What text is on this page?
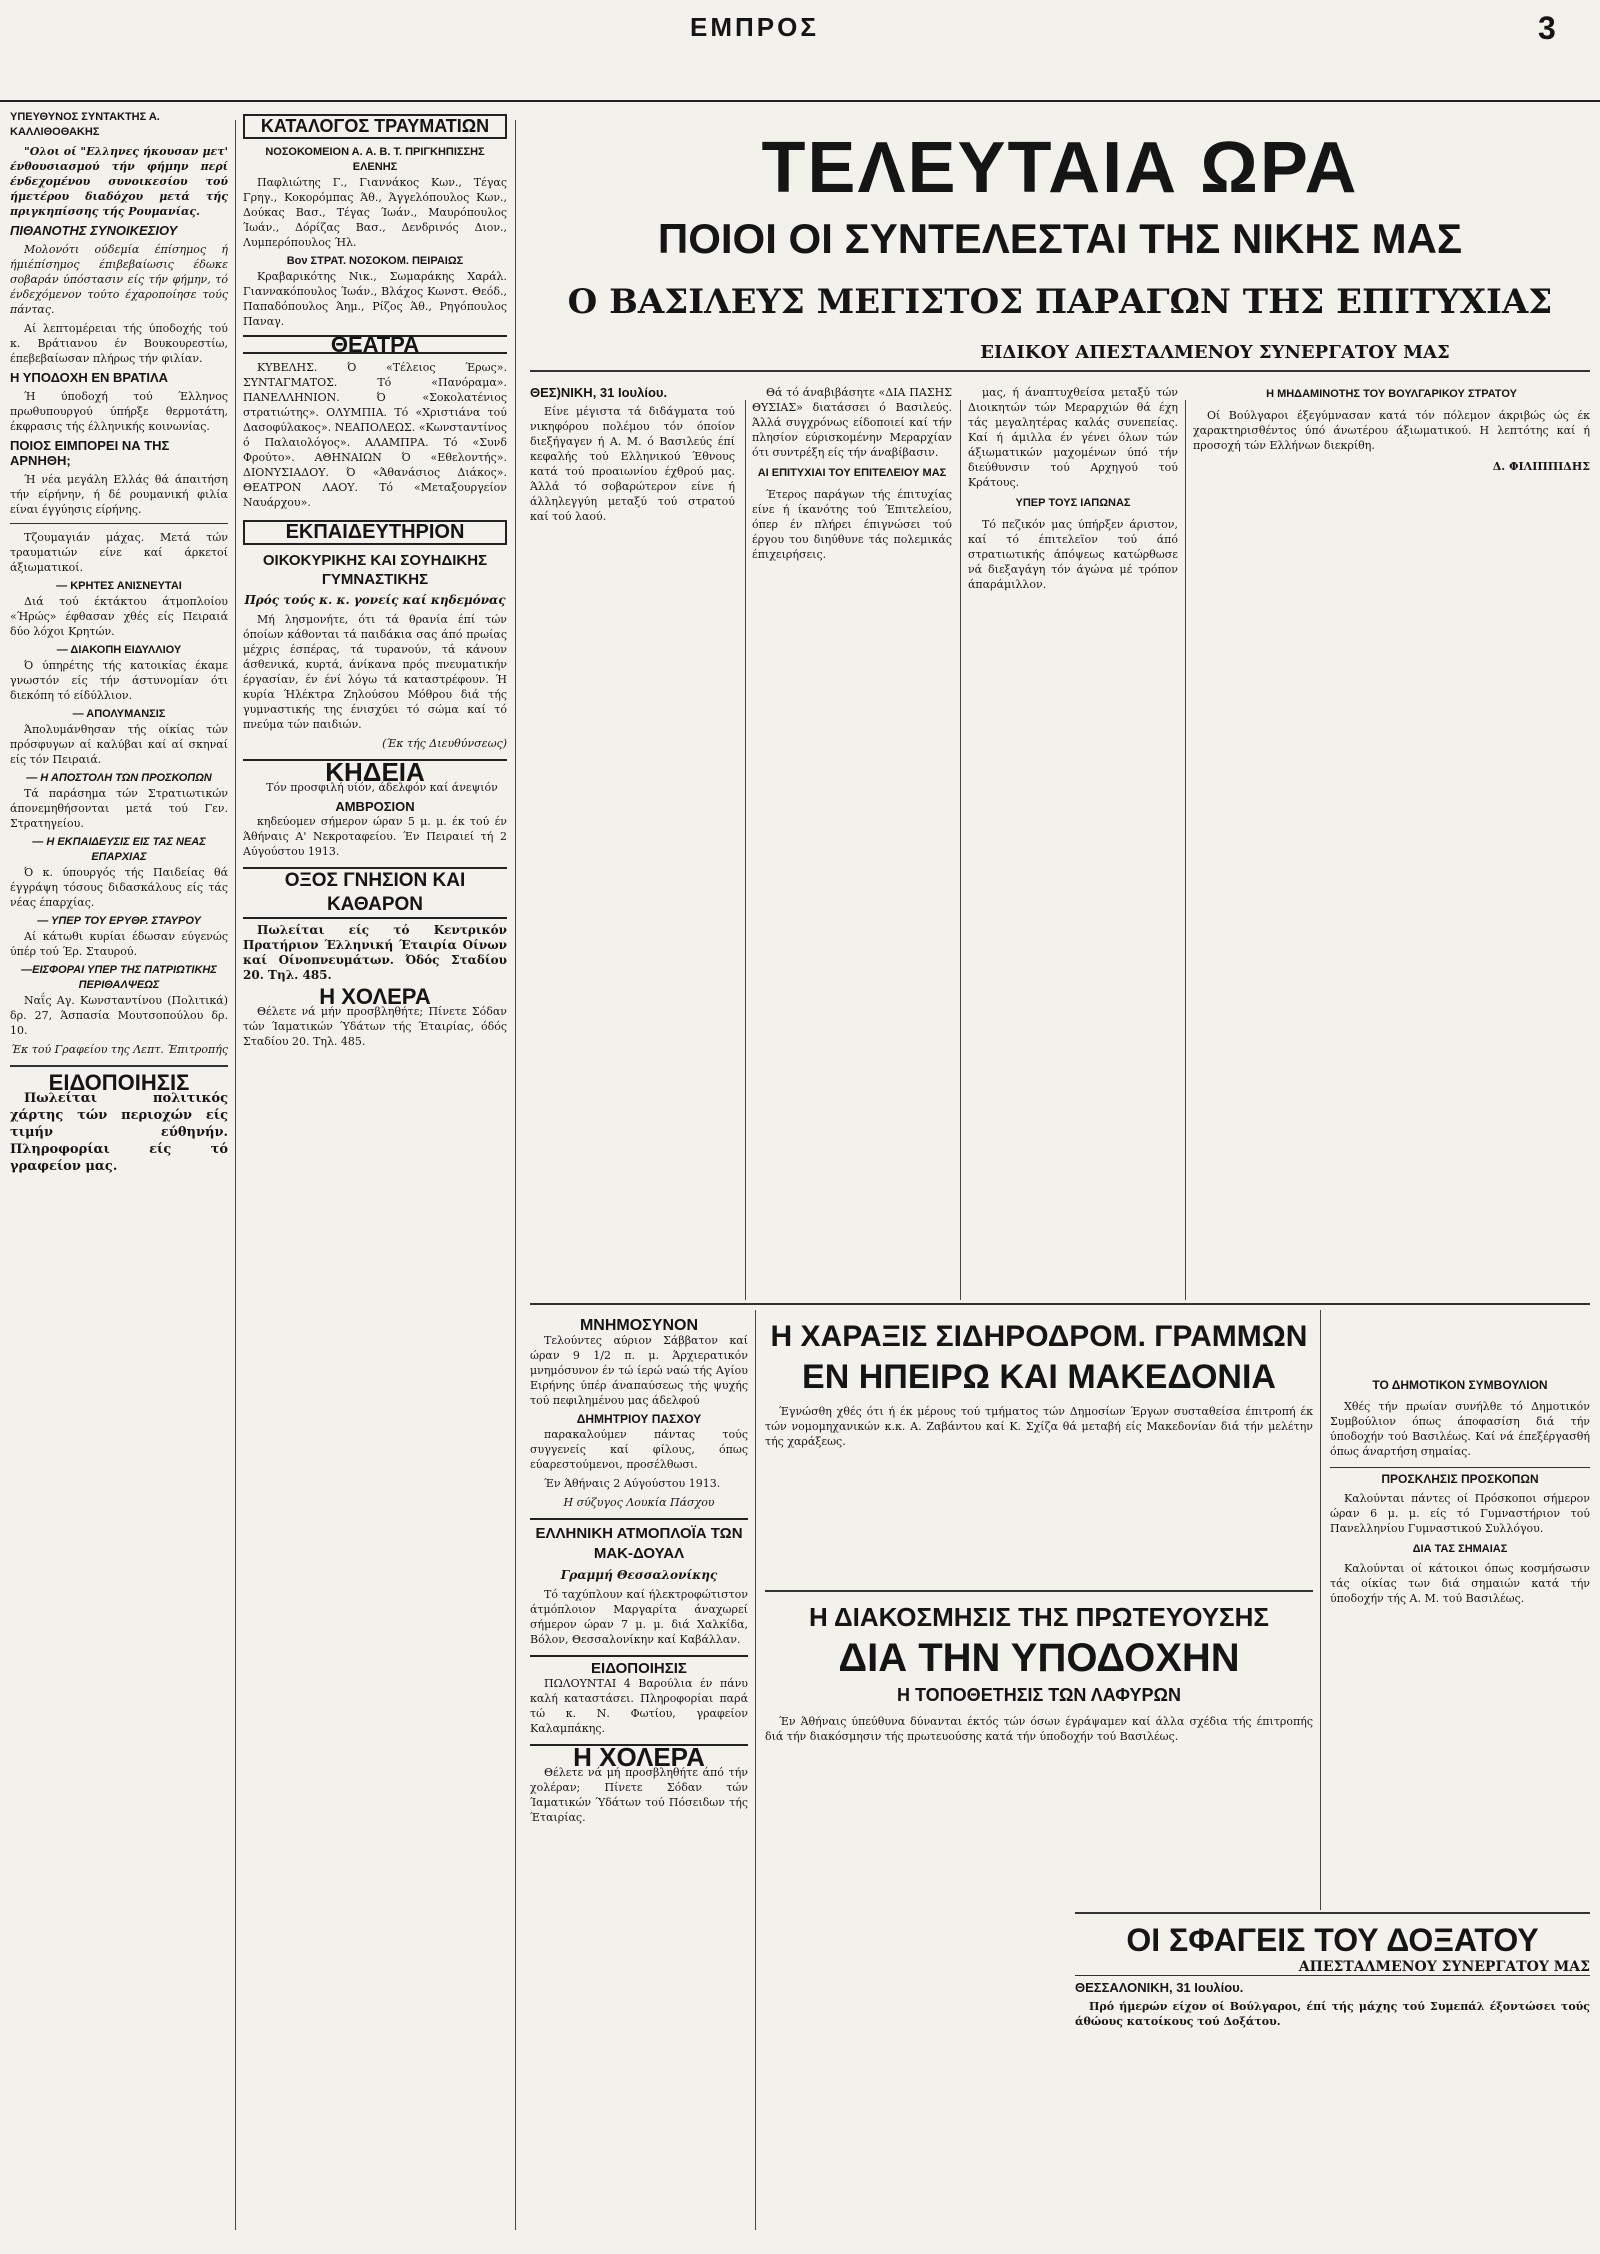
ΕΜΠΡΟΣ	3
ΥΠΕΥΘΥΝΟΣ ΣΥΝΤΑΚΤΗΣ Α. ΚΑΛΛΙΘΟΘΑΚΗΣ
"Ολοι οί "Ελληνες ήκουσαν μετ' ένθουσιασμού τήν φήμην περί ένδεχομένου συνοικεσίου τού ήμετέρου διαδόχου μετά τής πριγκηπίσσης τής Ρουμανίας.
ΠΙΘΑΝΟΤΗΣ ΣΥΝΟΙΚΕΣΙΟΥ
Μολονότι ούδεμία έπίσημος ή ήμιέπίσημος έπιβεβαίωσις έδωκε σοβαράν ύπόστασιν είς τήν φήμην, τό ένδεχόμενον τούτο έχαροποίησε τούς πάντας.
Αί λεπτομέρειαι τής ύποδοχής τού κ. Βράτιανου έν Βουκουρεστίω, έπεβεβαίωσαν πλήρως τήν φιλίαν.
Η ΥΠΟΔΟΧΗ ΕΝ ΒΡΑΤΙΛΑ
Ή ύποδοχή τού Έλληνος πρωθυπουργού ύπήρξε θερμοτάτη, έκφρασις τής έλληνικής κοινωνίας.
ΠΟΙΟΣ ΕΙΜΠΟΡΕΙ ΝΑ ΤΗΣ ΑΡΝΗΘΗ;
Ή νέα μεγάλη Ελλάς θά άπαιτήση τήν είρήνην, ή δέ ρουμανική φιλία είναι έγγύησις είρήνης.
Τζουμαγιάν μάχας. Μετά τών τραυματιών είνε καί άρκετοί άξιωματικοί.
— ΚΡΗΤΕΣ ΑΝΙΣΝΕΥΤΑΙ
Διά τού έκτάκτου άτμοπλοίου «Ήρώς» έφθασαν χθές είς Πειραιά δύο λόχοι Κρητών.
— ΔΙΑΚΟΠΗ ΕΙΔΥΛΛΙΟΥ
Ό ύπηρέτης τής κατοικίας έκαμε γνωστόν είς τήν άστυνομίαν ότι διεκόπη τό είδύλλιον.
— ΑΠΟΛΥΜΑΝΣΙΣ
Άπολυμάνθησαν τής οίκίας τών πρόσφυγων αί καλύβαι καί αί σκηναί είς τόν Πειραιά.
— Η ΑΠΟΣΤΟΛΗ ΤΩΝ ΠΡΟΣΚΟΠΩΝ
Τά παράσημα τών Στρατιωτικών άπονεμηθήσονται μετά τού Γεν. Στρατηγείου.
— Η ΕΚΠΑΙΔΕΥΣΙΣ ΕΙΣ ΤΑΣ ΝΕΑΣ ΕΠΑΡΧΙΑΣ
Ό κ. ύπουργός τής Παιδείας θά έγγράψη τόσους διδασκάλους είς τάς νέας έπαρχίας.
— ΥΠΕΡ ΤΟΥ ΕΡΥΘΡ. ΣΤΑΥΡΟΥ
Αί κάτωθι κυρίαι έδωσαν εύγενώς ύπέρ τού Έρ. Σταυρού.
—ΕΙΣΦΟΡΑΙ ΥΠΕΡ ΤΗΣ ΠΑΤΡΙΩΤΙΚΗΣ ΠΕΡΙΘΑΛΨΕΩΣ
Ναΐς Αγ. Κωνσταντίνου (Πολιτικά) δρ. 27, Άσπασία Μουτσοπούλου δρ. 10.
Έκ τού Γραφείου της Λεπτ. Έπιτροπής
ΕΙΔΟΠΟΙΗΣΙΣ
Πωλείται πολιτικός χάρτης τών περιοχών είς τιμήν εύθηνήν. Πληροφορίαι είς τό γραφείον μας.
ΚΑΤΑΛΟΓΟΣ ΤΡΑΥΜΑΤΙΩΝ
ΝΟΣΟΚΟΜΕΙΟΝ Α. Α. Β. Τ. ΠΡΙΓΚΗΠΙΣΣΗΣ ΕΛΕΝΗΣ
Παφλιώτης Γ., Γιαννάκος Κων., Τέγας Γρηγ., Κοκορόμπας Άθ., Άγγελόπουλος Κων., Δούκας Βασ., Τέγας Ίωάν., Μαυρόπουλος Ίωάν., Δόρίζας Βασ., Δενδρινός Διον., Λυμπερόπουλος Ήλ.
Βον ΣΤΡΑΤ. ΝΟΣΟΚΟΜ. ΠΕΙΡΑΙΩΣ
Κραβαρικότης Νικ., Σωμαράκης Χαράλ. Γιαννακόπουλος Ίωάν., Βλάχος Κωνστ. Θεόδ., Παπαδόπουλος Άημ., Ρίζος Άθ., Ρηγόπουλος Παναγ.
ΘΕΑΤΡΑ
ΚΥΒΕΛΗΣ. Ό «Τέλειος Έρως». ΣΥΝΤΑΓΜΑΤΟΣ. Τό «Πανόραμα». ΠΑΝΕΛΛΗΝΙΟΝ. Ό «Σοκολατένιος στρατιώτης». ΟΛΥΜΠΙΑ. Τό «Χριστιάνα τού Δασοφύλακος». ΝΕΑΠΟΛΕΩΣ. «Κωνσταντίνος ό Παλαιολόγος». ΑΛΑΜΠΡΑ. Τό «Συνδ Φρούτο». ΑΘΗΝΑΙΩΝ Ό «Εθελοντής». ΔΙΟΝΥΣΙΑΔΟΥ. Ό «Άθανάσιος Διάκος». ΘΕΑΤΡΟΝ ΛΑΟΥ. Τό «Μεταξουργείον Ναυάρχου».
ΕΚΠΑΙΔΕΥΤΗΡΙΟΝ
ΟΙΚΟΚΥΡΙΚΗΣ ΚΑΙ ΣΟΥΗΔΙΚΗΣ ΓΥΜΝΑΣΤΙΚΗΣ
Πρός τούς κ. κ. γονείς καί κηδεμόνας
Μή λησμονήτε, ότι τά θρανία έπί τών όποίων κάθονται τά παιδάκια σας άπό πρωίας μέχρις έσπέρας, τά τυρανούν, τά κάνουν άσθενικά, κυρτά, άνίκανα πρός πνευματικήν έργασίαν, έν ένί λόγω τά καταστρέφουν. Ή κυρία Ήλέκτρα Ζηλούσου Μόθρου διά τής γυμναστικής της ένισχύει τό σώμα καί τό πνεύμα τών παιδιών.
(Έκ τής Διευθύνσεως)
ΚΗΔΕΙΑ
Τόν προσφιλή υίόν, άδελφόν καί άνεψιόν
ΑΜΒΡΟΣΙΟΝ
κηδεύομεν σήμερον ώραν 5 μ. μ. έκ τού έν Άθήναις Α' Νεκροταφείου. Έν Πειραιεί τή 2 Αύγούστου 1913.
ΟΞΟΣ ΓΝΗΣΙΟΝ ΚΑΙ ΚΑΘΑΡΟΝ
Πωλείται είς τό Κεντρικόν Πρατήριον Έλληνική Έταιρία Οίνων καί Οίνοπνευμάτων. Όδός Σταδίου 20. Τηλ. 485.
Η ΧΟΛΕΡΑ
Θέλετε νά μήν προσβληθήτε; Πίνετε Σόδαν τών Ίαματικών Ύδάτων τής Έταιρίας, όδός Σταδίου 20. Τηλ. 485.
ΤΕΛΕΥΤΑΙΑ ΩΡΑ
ΠΟΙΟΙ ΟΙ ΣΥΝΤΕΛΕΣΤΑΙ ΤΗΣ ΝΙΚΗΣ ΜΑΣ
Ο ΒΑΣΙΛΕΥΣ ΜΕΓΙΣΤΟΣ ΠΑΡΑΓΩΝ ΤΗΣ ΕΠΙΤΥΧΙΑΣ
ΕΙΔΙΚΟΥ ΑΠΕΣΤΑΛΜΕΝΟΥ ΣΥΝΕΡΓΑΤΟΥ ΜΑΣ
ΘΕΣ)ΝΙΚΗ, 31 Ιουλίου.
Είνε μέγιστα τά διδάγματα τού νικηφόρου πολέμου τόν όποίον διεξήγαγεν ή Α. Μ. ό Βασιλεύς έπί κεφαλής τού Ελληνικού Έθνους κατά τού προαιωνίου έχθρού μας. Άλλά τό σοβαρώτερον είνε ή άλληλεγγύη μεταξύ τού στρατού καί τού λαού.
Θά τό άναβιβάσητε «ΔΙΑ ΠΑΣΗΣ ΘΥΣΙΑΣ» διατάσσει ό Βασιλεύς. Άλλά συγχρόνως είδοποιεί καί τήν πλησίον εύρισκομένην Μεραρχίαν ότι συντρέξη είς τήν άναβίβασιν.
ΑΙ ΕΠΙΤΥΧΙΑΙ ΤΟΥ ΕΠΙΤΕΛΕΙΟΥ ΜΑΣ
Έτερος παράγων τής έπιτυχίας είνε ή ίκανότης τού Έπιτελείου, όπερ έν πλήρει έπιγνώσει τού έργου του διηύθυνε τάς πολεμικάς έπιχειρήσεις.
μας, ή άναπτυχθείσα μεταξύ τών Διοικητών τών Μεραρχιών θά έχη τάς μεγαλητέρας καλάς συνεπείας. Καί ή άμιλλα έν γένει όλων τών άξιωματικών μαχομένων ύπό τήν διεύθυνσιν τού Αρχηγού τού Κράτους.
ΥΠΕΡ ΤΟΥΣ ΙΑΠΩΝΑΣ
Τό πεζικόν μας ύπήρξεν άριστον, καί τό έπιτελεϊον τού άπό στρατιωτικής άπόψεως κατώρθωσε νά διεξαγάγη τόν άγώνα μέ τρόπον άπαράμιλλον.
Η ΜΗΔΑΜΙΝΟΤΗΣ ΤΟΥ ΒΟΥΛΓΑΡΙΚΟΥ ΣΤΡΑΤΟΥ
Οί Βούλγαροι έξεγύμνασαν κατά τόν πόλεμον άκριβώς ώς έκ χαρακτηρισθέντος ύπό άνωτέρου άξιωματικού. Η λεπτότης καί ή προσοχή τών Ελλήνων διεκρίθη.
Δ. ΦΙΛΙΠΠΙΔΗΣ
ΜΝΗΜΟΣΥΝΟΝ
Τελούντες αύριον Σάββατον καί ώραν 9 1/2 π. μ. Άρχιερατικόν μνημόσυνον έν τώ ίερώ ναώ τής Αγίου Ειρήνης ύπέρ άναπαύσεως τής ψυχής τού πεφιλημένου μας άδελφού
ΔΗΜΗΤΡΙΟΥ ΠΑΣΧΟΥ
παρακαλούμεν πάντας τούς συγγενείς καί φίλους, όπως εύαρεστούμενοι, προσέλθωσι.
Έν Άθήναις 2 Αύγούστου 1913.
Η σύζυγος Λουκία Πάσχου
ΕΛΛΗΝΙΚΗ ΑΤΜΟΠΛΟΪΑ ΤΩΝ ΜΑΚ-ΔΟΥΑΛ
Γραμμή Θεσσαλονίκης
Τό ταχύπλουν καί ήλεκτροφώτιστον άτμόπλοιον Μαργαρίτα άναχωρεί σήμερον ώραν 7 μ. μ. διά Χαλκίδα, Βόλον, Θεσσαλονίκην καί Καβάλλαν.
ΕΙΔΟΠΟΙΗΣΙΣ
ΠΩΛΟΥΝΤΑΙ 4 Βαρούλια έν πάνυ καλή καταστάσει. Πληροφορίαι παρά τώ κ. Ν. Φωτίου, γραφείον Καλαμπάκης.
Η ΧΟΛΕΡΑ
Θέλετε νά μή προσβληθήτε άπό τήν χολέραν; Πίνετε Σόδαν τών Ίαματικών Ύδάτων τού Πόσειδων τής Έταιρίας.
Η ΧΑΡΑΞΙΣ ΣΙΔΗΡΟΔΡΟΜ. ΓΡΑΜΜΩΝ
ΕΝ ΗΠΕΙΡΩ ΚΑΙ ΜΑΚΕΔΟΝΙΑ
Έγνώσθη χθές ότι ή έκ μέρους τού τμήματος τών Δημοσίων Έργων συσταθείσα έπιτροπή έκ τών νομομηχανικών κ.κ. Α. Ζαβάντου καί Κ. Σχίζα θά μεταβή είς Μακεδονίαν διά τήν μελέτην τής χαράξεως.
Η ΔΙΑΚΟΣΜΗΣΙΣ ΤΗΣ ΠΡΩΤΕΥΟΥΣΗΣ
ΔΙΑ ΤΗΝ ΥΠΟΔΟΧΗΝ
Η ΤΟΠΟΘΕΤΗΣΙΣ ΤΩΝ ΛΑΦΥΡΩΝ
Έν Άθήναις ύπεύθυνα δύνανται έκτός τών όσων έγράψαμεν καί άλλα σχέδια τής έπιτροπής διά τήν διακόσμησιν τής πρωτευούσης κατά τήν ύποδοχήν τού Βασιλέως.
ΤΟ ΔΗΜΟΤΙΚΟΝ ΣΥΜΒΟΥΛΙΟΝ
Χθές τήν πρωίαν συνήλθε τό Δημοτικόν Συμβούλιον όπως άποφασίση διά τήν ύποδοχήν τού Βασιλέως. Καί νά έπεξέργασθή όπως άναρτήση σημαίας.
ΠΡΟΣΚΛΗΣΙΣ ΠΡΟΣΚΟΠΩΝ
Καλούνται πάντες οί Πρόσκοποι σήμερον ώραν 6 μ. μ. είς τό Γυμναστήριον τού Πανελληνίου Γυμναστικού Συλλόγου.
ΔΙΑ ΤΑΣ ΣΗΜΑΙΑΣ
Καλούνται οί κάτοικοι όπως κοσμήσωσιν τάς οίκίας των διά σημαιών κατά τήν ύποδοχήν τής Α. Μ. τού Βασιλέως.
ΟΙ ΣΦΑΓΕΙΣ ΤΟΥ ΔΟΞΑΤΟΥ
ΑΠΕΣΤΑΛΜΕΝΟΥ ΣΥΝΕΡΓΑΤΟΥ ΜΑΣ
ΘΕΣΣΑΛΟΝΙΚΗ, 31 Ιουλίου.
Πρό ήμερών είχον οί Βούλγαροι, έπί τής μάχης τού Συμεπάλ έξοντώσει τούς άθώους κατοίκους τού Δοξάτου.
